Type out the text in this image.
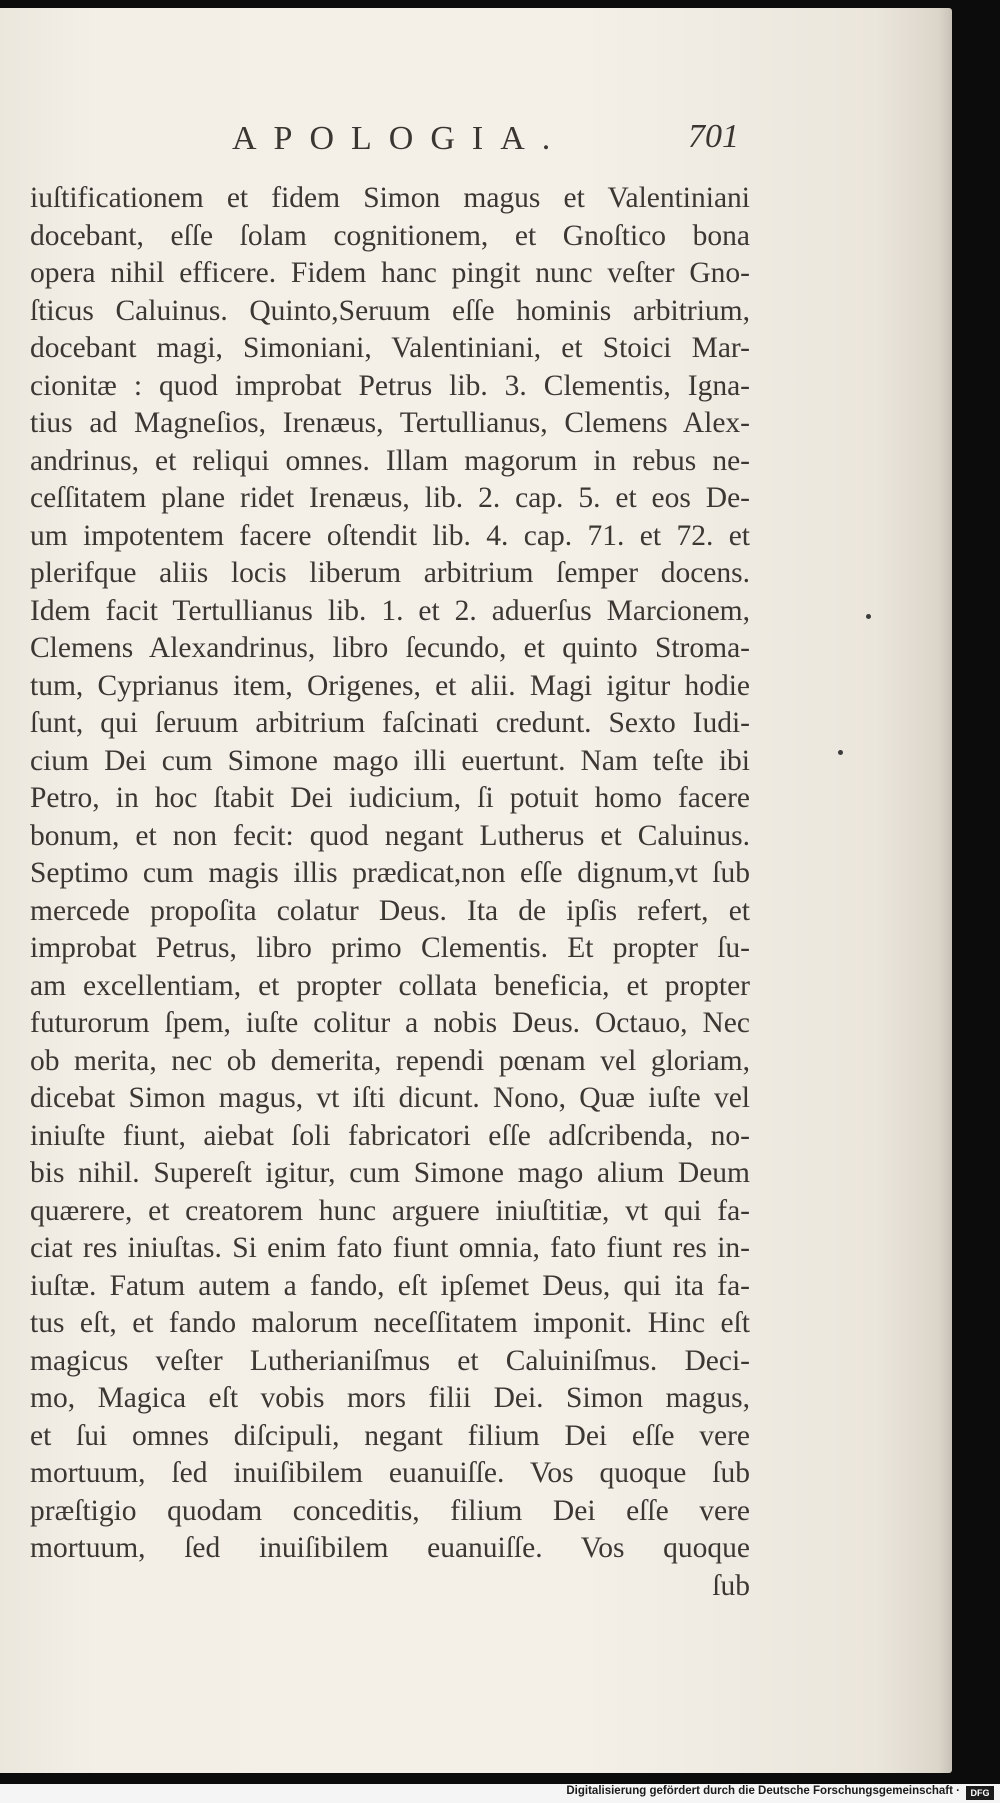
APOLOGIA.	701
iuſtificationem et fidem Simon magus et Valentiniani
docebant, eſſe ſolam cognitionem, et Gnoſtico bona
opera nihil efficere. Fidem hanc pingit nunc veſter Gno-
ſticus Caluinus. Quinto,Seruum eſſe hominis arbitrium,
docebant magi, Simoniani, Valentiniani, et Stoici Mar-
cionitæ : quod improbat Petrus lib. 3. Clementis, Igna-
tius ad Magneſios, Irenæus, Tertullianus, Clemens Alex-
andrinus, et reliqui omnes. Illam magorum in rebus ne-
ceſſitatem plane ridet Irenæus, lib. 2. cap. 5. et eos De-
um impotentem facere oſtendit lib. 4. cap. 71. et 72. et
plerifque aliis locis liberum arbitrium ſemper docens.
Idem facit Tertullianus lib. 1. et 2. aduerſus Marcionem,
Clemens Alexandrinus, libro ſecundo, et quinto Stroma-
tum, Cyprianus item, Origenes, et alii. Magi igitur hodie
ſunt, qui ſeruum arbitrium faſcinati credunt. Sexto Iudi-
cium Dei cum Simone mago illi euertunt. Nam teſte ibi
Petro, in hoc ſtabit Dei iudicium, ſi potuit homo facere
bonum, et non fecit: quod negant Lutherus et Caluinus.
Septimo cum magis illis prædicat,non eſſe dignum,vt ſub
mercede propoſita colatur Deus. Ita de ipſis refert, et
improbat Petrus, libro primo Clementis. Et propter ſu-
am excellentiam, et propter collata beneficia, et propter
futurorum ſpem, iuſte colitur a nobis Deus. Octauo, Nec
ob merita, nec ob demerita, rependi pœnam vel gloriam,
dicebat Simon magus, vt iſti dicunt. Nono, Quæ iuſte vel
iniuſte fiunt, aiebat ſoli fabricatori eſſe adſcribenda, no-
bis nihil. Supereſt igitur, cum Simone mago alium Deum
quærere, et creatorem hunc arguere iniuſtitiæ, vt qui fa-
ciat res iniuſtas. Si enim fato fiunt omnia, fato fiunt res in-
iuſtæ. Fatum autem a fando, eſt ipſemet Deus, qui ita fa-
tus eſt, et fando malorum neceſſitatem imponit. Hinc eſt
magicus veſter Lutherianiſmus et Caluiniſmus. Deci-
mo, Magica eſt vobis mors filii Dei. Simon magus,
et ſui omnes diſcipuli, negant filium Dei eſſe vere
mortuum, ſed inuiſibilem euanuiſſe. Vos quoque ſub
præſtigio quodam conceditis, filium Dei eſſe vere
mortuum, ſed inuiſibilem euanuiſſe. Vos quoque
ſub
Digitalisierung gefördert durch die Deutsche Forschungsgemeinschaft ·	DFG
